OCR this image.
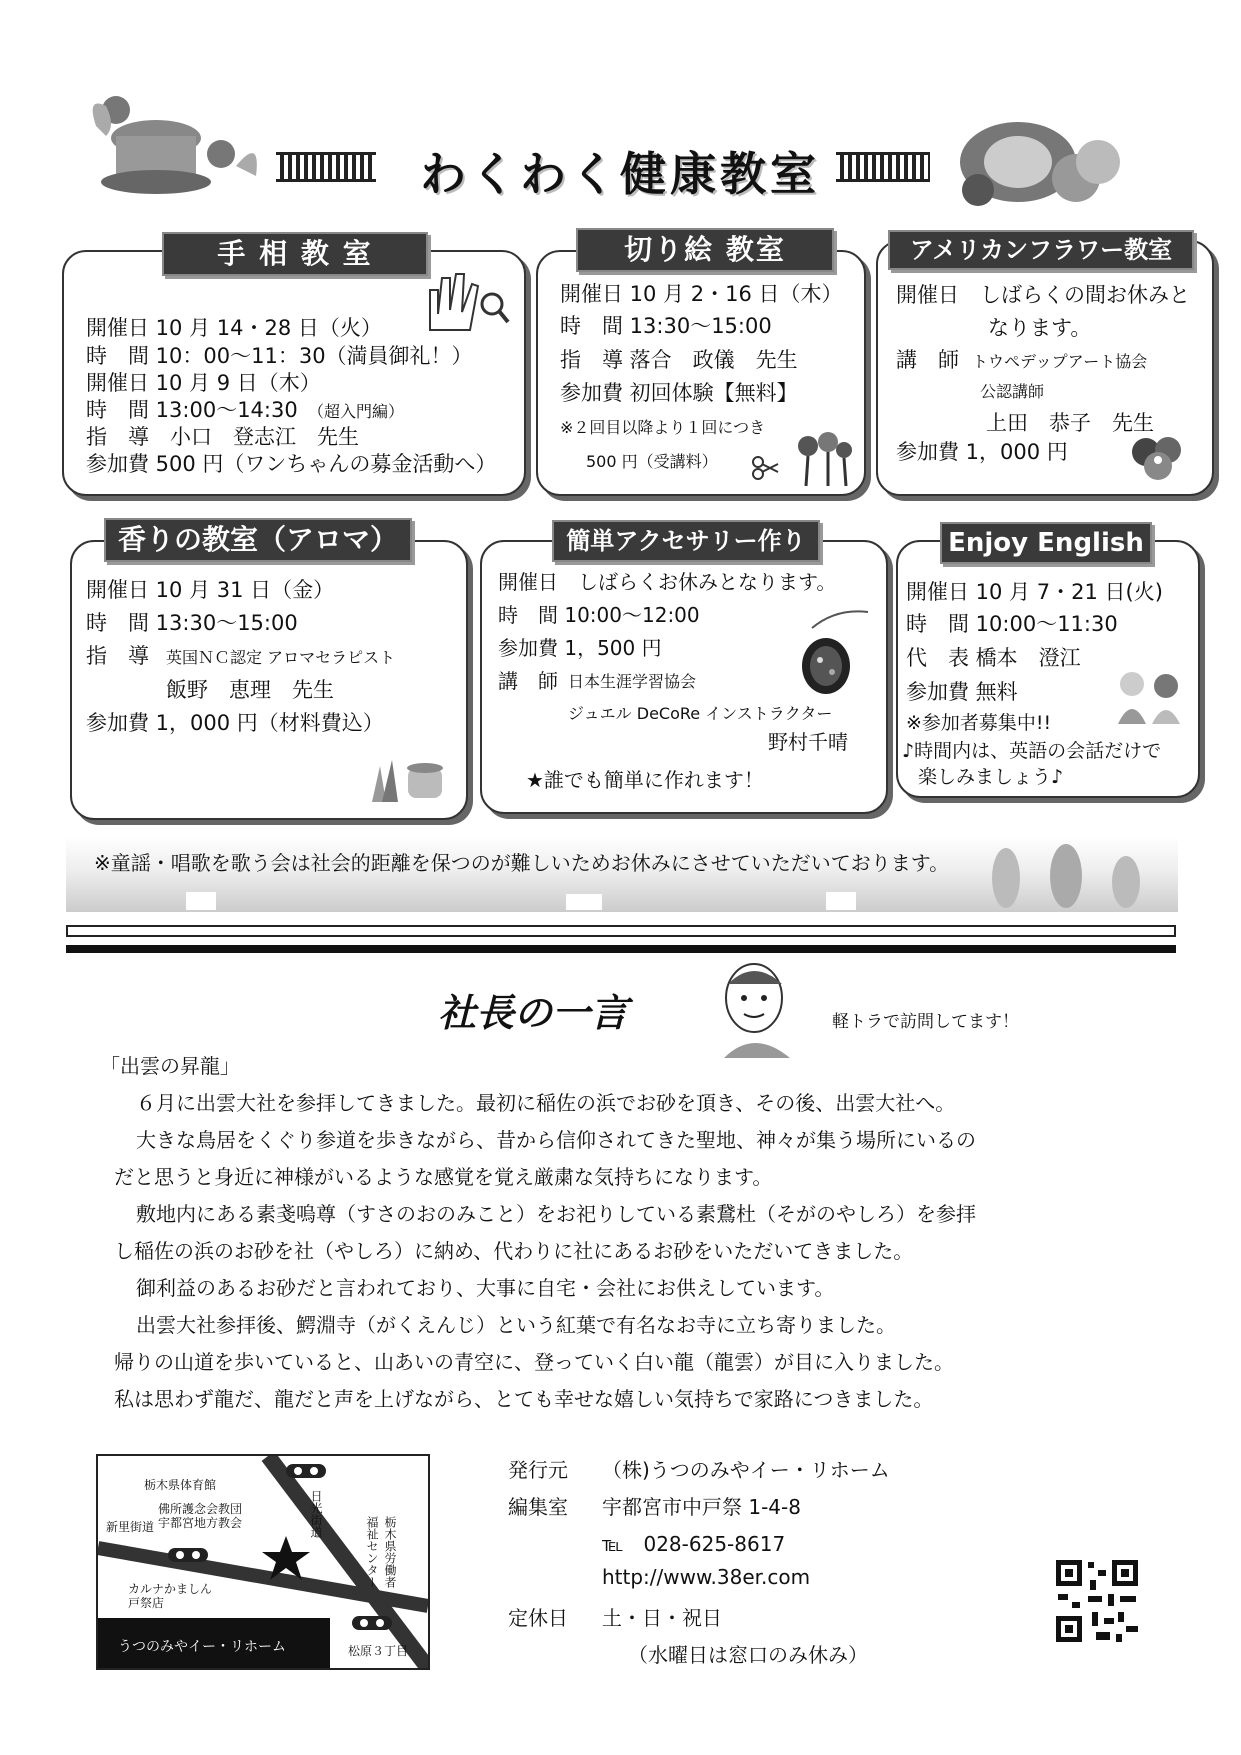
わくわく健康教室
手 相 教 室
開催日 10 月 14・28 日（火）
時　間 10：00〜11：30（満員御礼！）
開催日 10 月 9 日（木）
時　間 13:00〜14:30 （超入門編）
指　導　小口　登志江　先生
参加費 500 円（ワンちゃんの募金活動へ）
切り絵 教室
開催日 10 月 2・16 日（木）
時　間 13:30〜15:00
指　導 落合　政儀　先生
参加費 初回体験【無料】
※２回目以降より１回につき
500 円（受講料）
アメリカンフラワー教室
開催日　しばらくの間お休みと
なります。
講　師 トウペデップアート協会
公認講師
上田　恭子　先生
参加費 1，000 円
香りの教室（アロマ）
開催日 10 月 31 日（金）
時　間 13:30〜15:00
指　導 英国ＮＣ認定 アロマセラピスト
飯野　恵理　先生
参加費 1，000 円（材料費込）
簡単アクセサリー作り
開催日　しばらくお休みとなります。
時　間 10:00〜12:00
参加費 1，500 円
講　師 日本生涯学習協会
ジュエル DeCoRe インストラクター
野村千晴
★誰でも簡単に作れます！
Enjoy English
開催日 10 月 7・21 日(火)
時　間 10:00〜11:30
代　表 橋本　澄江
参加費 無料
※参加者募集中!!
♪時間内は、英語の会話だけで
楽しみましょう♪
※童謡・唱歌を歌う会は社会的距離を保つのが難しいためお休みにさせていただいております。
社長の一言	軽トラで訪問してます！
「出雲の昇龍」
６月に出雲大社を参拝してきました。最初に稲佐の浜でお砂を頂き、その後、出雲大社へ。
大きな鳥居をくぐり参道を歩きながら、昔から信仰されてきた聖地、神々が集う場所にいるの
だと思うと身近に神様がいるような感覚を覚え厳粛な気持ちになります。
敷地内にある素戔嗚尊（すさのおのみこと）をお祀りしている素鵞杜（そがのやしろ）を参拝
し稲佐の浜のお砂を社（やしろ）に納め、代わりに社にあるお砂をいただいてきました。
御利益のあるお砂だと言われており、大事に自宅・会社にお供えしています。
出雲大社参拝後、鰐淵寺（がくえんじ）という紅葉で有名なお寺に立ち寄りました。
帰りの山道を歩いていると、山あいの青空に、登っていく白い龍（龍雲）が目に入りました。
私は思わず龍だ、龍だと声を上げながら、とても幸せな嬉しい気持ちで家路につきました。
栃木県体育館
佛所護念会教団
宇都宮地方教会	日光街道
新里街道	栃木県労働者
福祉センター
カルナかましん
戸祭店
うつのみやイー・リホーム	松原３丁目
発行元 （株)うつのみやイー・リホーム
編集室 宇都宮市中戸祭 1-4-8
℡　028-625-8617
http://www.38er.com
定休日 土・日・祝日
（水曜日は窓口のみ休み）
